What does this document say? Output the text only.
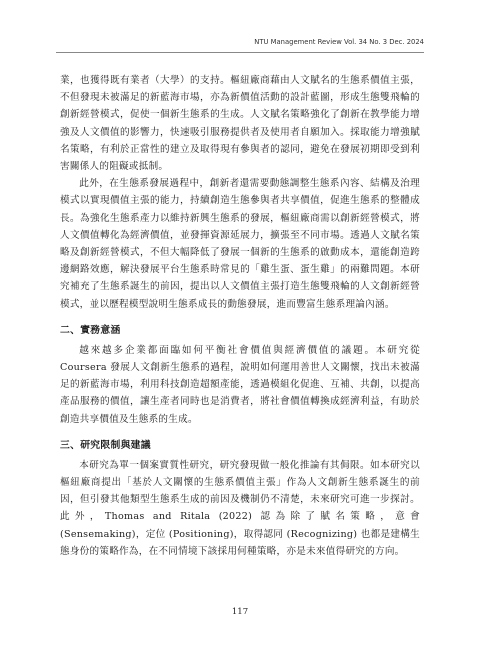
NTU Management Review Vol. 34 No. 3 Dec. 2024

業，也獲得既有業者（大學）的支持。樞紐廠商藉由人文賦名的生態系價值主張，不但發現未被滿足的新藍海市場，亦為新價值活動的設計藍圖，形成生態雙飛輪的創新經營模式，促使一個新生態系的生成。人文賦名策略強化了創新在教學能力增強及人文價值的影響力，快速吸引服務提供者及使用者自願加入。採取能力增強賦名策略，有利於正當性的建立及取得現有參與者的認同，避免在發展初期即受到利害關係人的阻礙或抵制。

此外，在生態系發展過程中，創新者還需要動態調整生態系內容、結構及治理模式以實現價值主張的能力，持續創造生態參與者共享價值，促進生態系的整體成長。為強化生態系產力以維持新興生態系的發展，樞紐廠商需以創新經營模式，將人文價值轉化為經濟價值，並發揮資源延展力，擴張至不同市場。透過人文賦名策略及創新經營模式，不但大幅降低了發展一個新的生態系的啟動成本，還能創造跨邊網路效應，解決發展平台生態系時常見的「雞生蛋、蛋生雞」的兩難問題。本研究補充了生態系誕生的前因，提出以人文價值主張打造生態雙飛輪的人文創新經營模式，並以歷程模型說明生態系成長的動態發展，進而豐富生態系理論內涵。

二、實務意涵

越來越多企業都面臨如何平衡社會價值與經濟價值的議題。本研究從 Coursera 發展人文創新生態系的過程，說明如何運用善世人文關懷，找出未被滿足的新藍海市場，利用科技創造超額產能，透過模組化促進、互補、共創，以提高產品服務的價值，讓生產者同時也是消費者，將社會價值轉換成經濟利益，有助於創造共享價值及生態系的生成。

三、研究限制與建議

本研究為單一個案實質性研究，研究發現做一般化推論有其侷限。如本研究以樞紐廠商提出「基於人文關懷的生態系價值主張」作為人文創新生態系誕生的前因，但引發其他類型生態系生成的前因及機制仍不清楚，未來研究可進一步探討。此外，Thomas and Ritala (2022) 認為除了賦名策略，意會 (Sensemaking)，定位 (Positioning)，取得認同 (Recognizing) 也都是建構生態身份的策略作為，在不同情境下該採用何種策略，亦是未來值得研究的方向。

117
